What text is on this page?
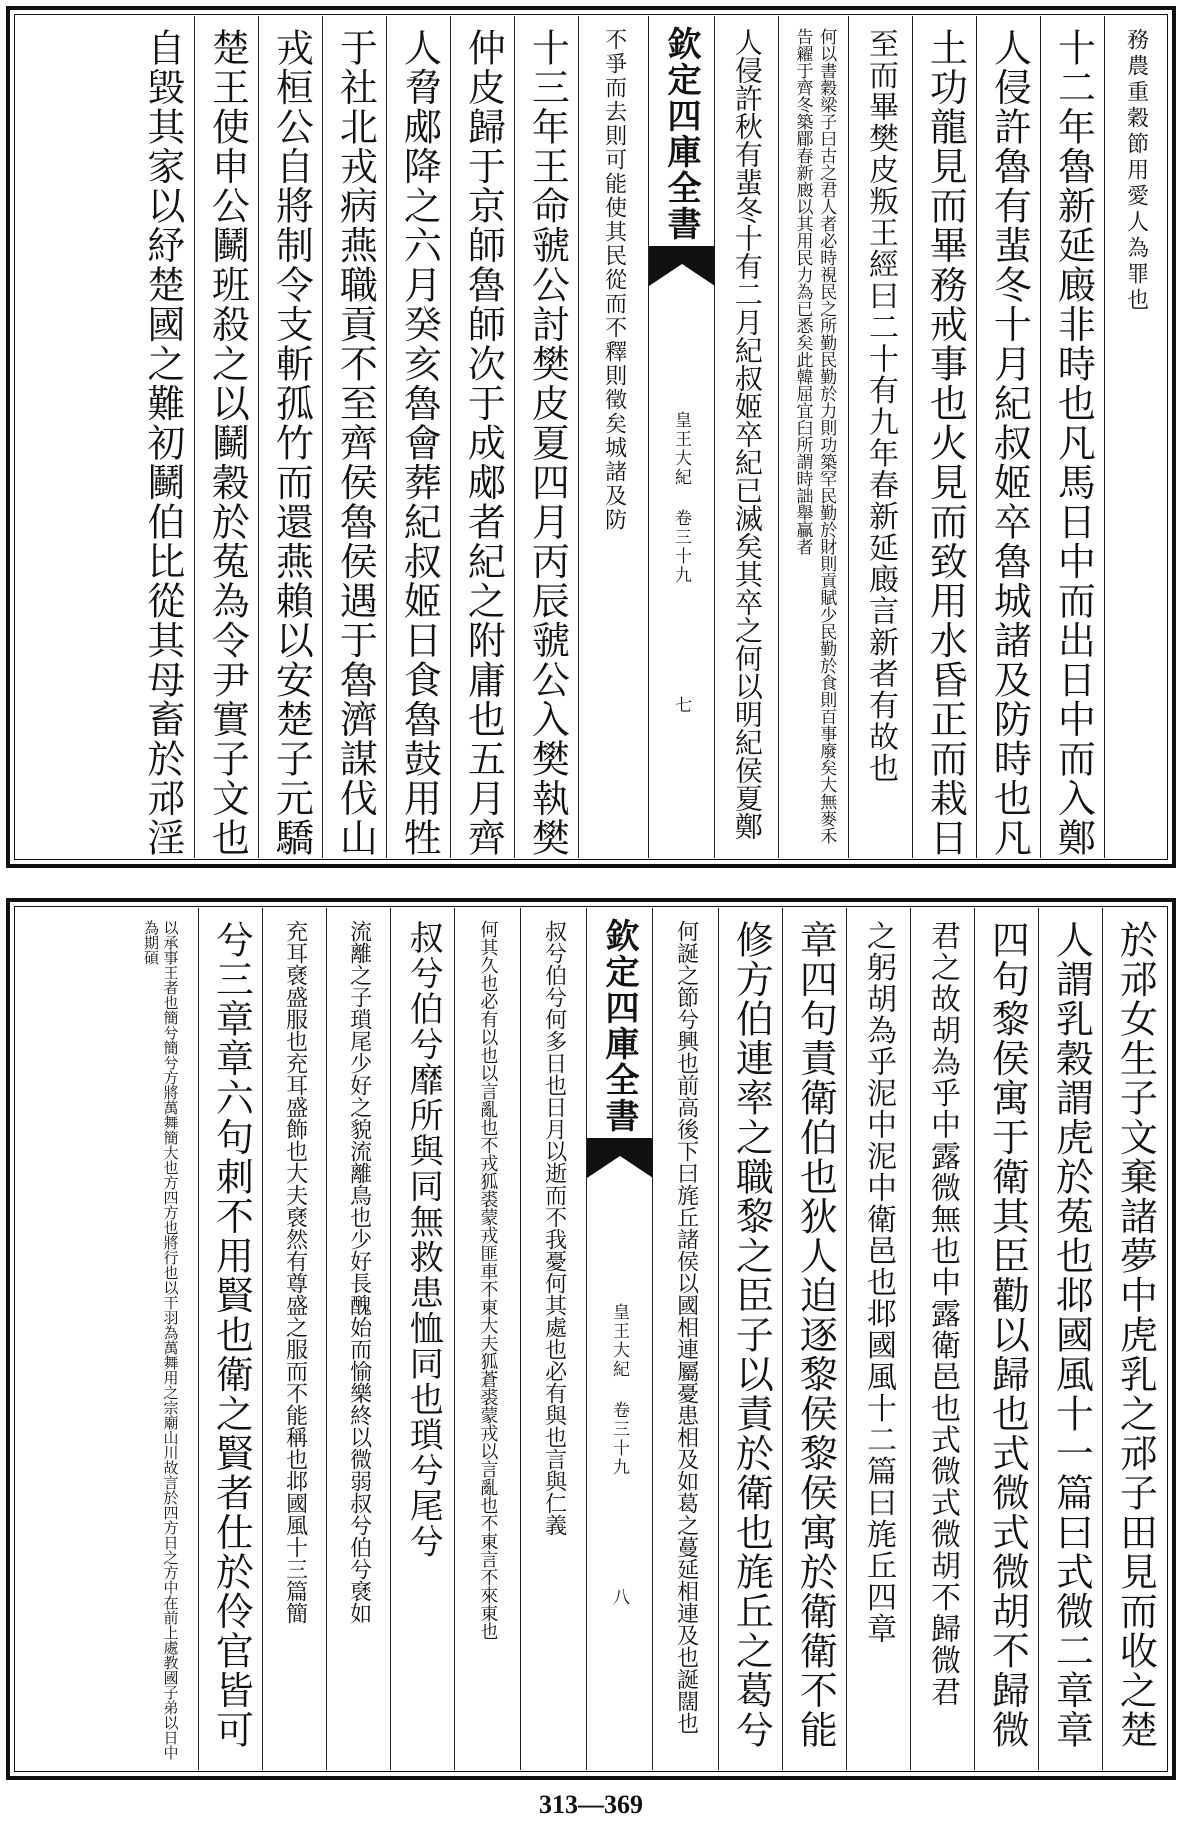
務農重穀節用愛人為罪也
十二年魯新延廄非時也凡馬日中而出日中而入鄭
人侵許魯有蜚冬十月紀叔姬卒魯城諸及防時也凡
土功龍見而畢務戒事也火見而致用水昏正而栽日
至而畢樊皮叛王經曰二十有九年春新延廄言新者有故也
何以書穀梁子曰古之君人者必時視民之所勤民勤於力則功築罕民勤於財則貢賦少民勤於食則百事廢矣大無麥禾告糴于齊冬築郿春新廄以其用民力為已悉矣此韓屈宜臼所謂時詘舉贏者
人侵許秋有蜚冬十有二月紀叔姬卒紀已滅矣其卒之何以明紀侯夏鄭
欽定四庫全書
皇王大紀 卷三十九
七
不爭而去則可能使其民從而不釋則徵矣城諸及防
十三年王命虢公討樊皮夏四月丙辰虢公入樊執樊
仲皮歸于京師魯師次于成郕者紀之附庸也五月齊
人脅郕降之六月癸亥魯會葬紀叔姬日食魯鼓用牲
于社北戎病燕職貢不至齊侯魯侯遇于魯濟謀伐山
戎桓公自將制令支斬孤竹而還燕賴以安楚子元驕
楚王使申公鬭班殺之以鬭穀於菟為令尹實子文也
自毀其家以紓楚國之難初鬭伯比從其母畜於邧淫
於邧女生子文棄諸夢中虎乳之邧子田見而收之楚
人謂乳穀謂虎於菟也邶國風十一篇曰式微二章章
四句黎侯寓于衛其臣勸以歸也式微式微胡不歸微
君之故胡為乎中露微無也中露衛邑也式微式微胡不歸微君
之躬胡為乎泥中泥中衛邑也邶國風十二篇曰旄丘四章
章四句責衛伯也狄人迫逐黎侯黎侯寓於衛衛不能
修方伯連率之職黎之臣子以責於衛也旄丘之葛兮
何誕之節兮興也前高後下曰旄丘諸侯以國相連屬憂患相及如葛之蔓延相連及也誕闊也
欽定四庫全書
皇王大紀 卷三十九
八
叔兮伯兮何多日也日月以逝而不我憂何其處也必有與也言與仁義
何其久也必有以也以言亂也不戎狐裘蒙戎匪車不東大夫狐蒼裘蒙戎以言亂也不東言不來東也
叔兮伯兮靡所與同無救患恤同也瑣兮尾兮
流離之子瑣尾少好之貌流離鳥也少好長醜始而愉樂終以微弱叔兮伯兮褎如
充耳褎盛服也充耳盛飾也大夫褎然有尊盛之服而不能稱也邶國風十三篇簡
兮三章章六句刺不用賢也衛之賢者仕於伶官皆可
以承事王者也簡兮簡兮方將萬舞簡大也方四方也將行也以干羽為萬舞用之宗廟山川故言於四方日之方中在前上處教國子弟以日中為期碩
313—369
